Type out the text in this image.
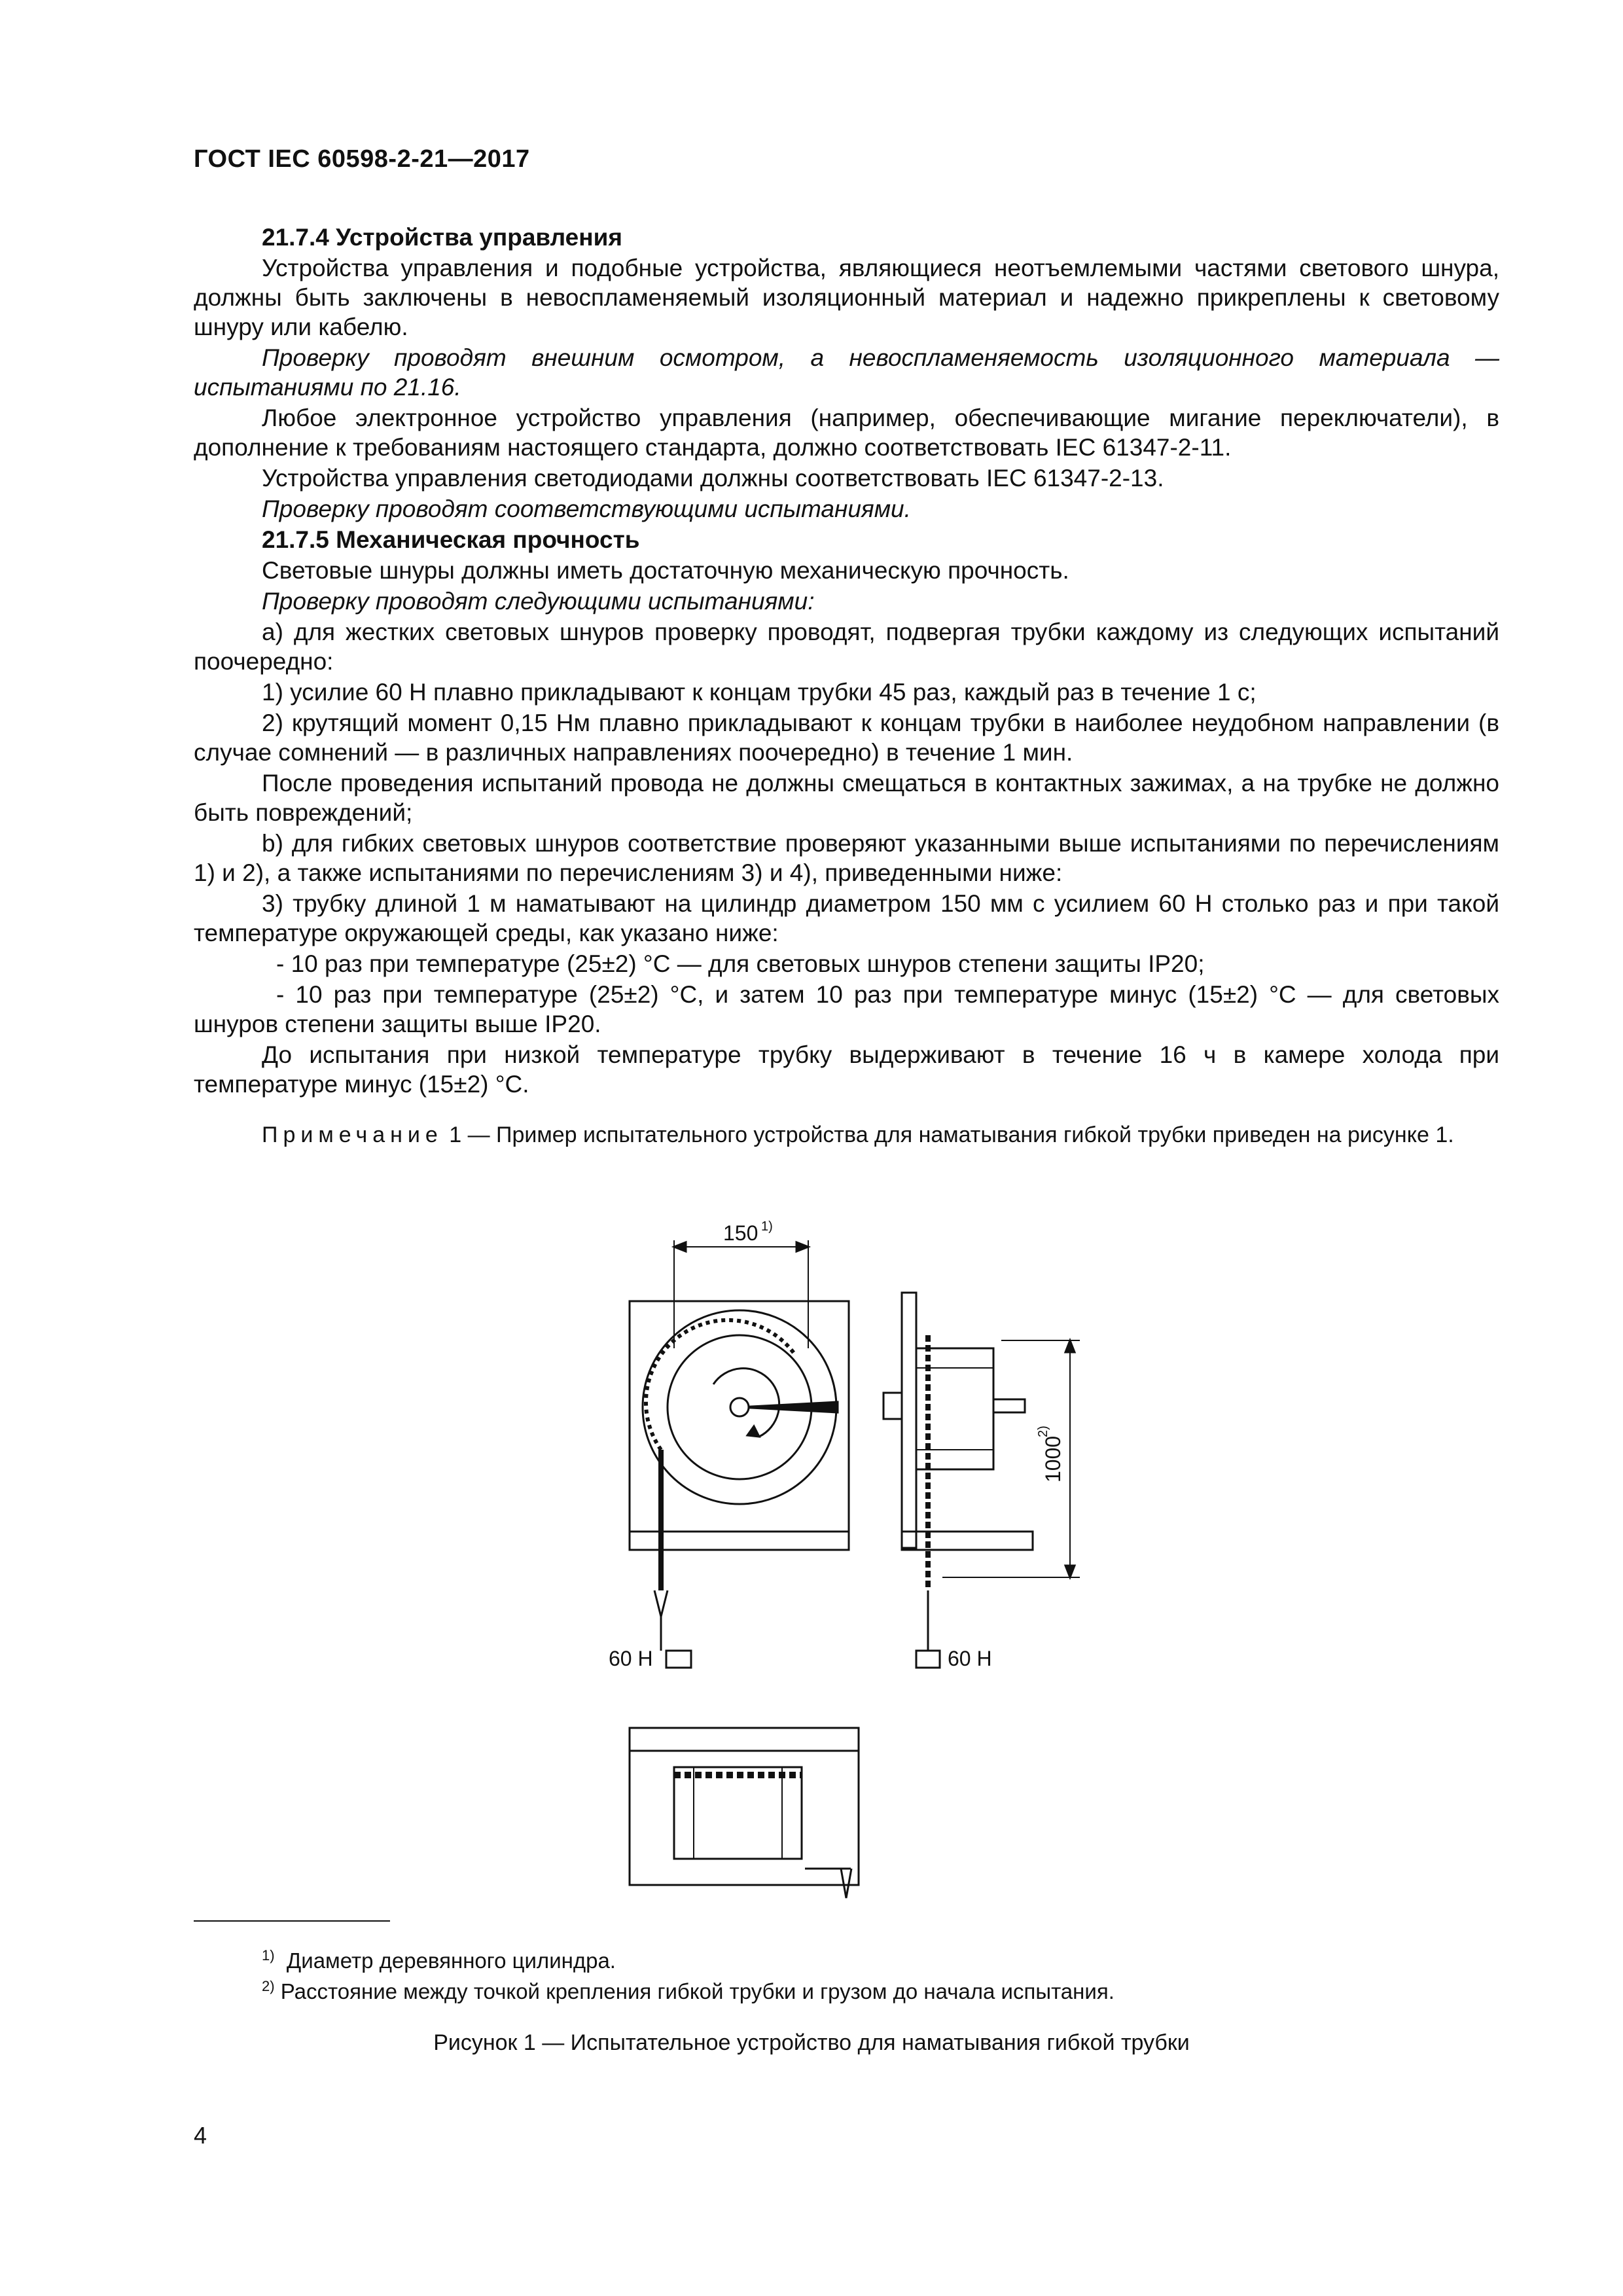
ГОСТ IEC 60598-2-21—2017

21.7.4 Устройства управления

Устройства управления и подобные устройства, являющиеся неотъемлемыми частями светового шнура, должны быть заключены в невоспламеняемый изоляционный материал и надежно прикреплены к световому шнуру или кабелю.

Проверку проводят внешним осмотром, а невоспламеняемость изоляционного материала — испытаниями по 21.16.

Любое электронное устройство управления (например, обеспечивающие мигание переключатели), в дополнение к требованиям настоящего стандарта, должно соответствовать IEC 61347-2-11.

Устройства управления светодиодами должны соответствовать IEC 61347-2-13.

Проверку проводят соответствующими испытаниями.

21.7.5 Механическая прочность

Световые шнуры должны иметь достаточную механическую прочность.

Проверку проводят следующими испытаниями:

a) для жестких световых шнуров проверку проводят, подвергая трубки каждому из следующих испытаний поочередно:

1) усилие 60 Н плавно прикладывают к концам трубки 45 раз, каждый раз в течение 1 с;

2) крутящий момент 0,15 Нм плавно прикладывают к концам трубки в наиболее неудобном направлении (в случае сомнений — в различных направлениях поочередно) в течение 1 мин.

После проведения испытаний провода не должны смещаться в контактных зажимах, а на трубке не должно быть повреждений;

b) для гибких световых шнуров соответствие проверяют указанными выше испытаниями по перечислениям 1) и 2), а также испытаниями по перечислениям 3) и 4), приведенными ниже:

3) трубку длиной 1 м наматывают на цилиндр диаметром 150 мм с усилием 60 Н столько раз и при такой температуре окружающей среды, как указано ниже:

- 10 раз при температуре (25±2) °С — для световых шнуров степени защиты IP20;

- 10 раз при температуре (25±2) °С, и затем 10 раз при температуре минус (15±2) °С — для световых шнуров степени защиты выше IP20.

До испытания при низкой температуре трубку выдерживают в течение 16 ч в камере холода при температуре минус (15±2) °С.

Примечание 1 — Пример испытательного устройства для наматывания гибкой трубки приведен на рисунке 1.

150 1)
1000
2)
60 Н	60 Н
$^{1)}$ Диаметр деревянного цилиндра.
$^{2)}$ Расстояние между точкой крепления гибкой трубки и грузом до начала испытания.
Рисунок 1 — Испытательное устройство для наматывания гибкой трубки
4
